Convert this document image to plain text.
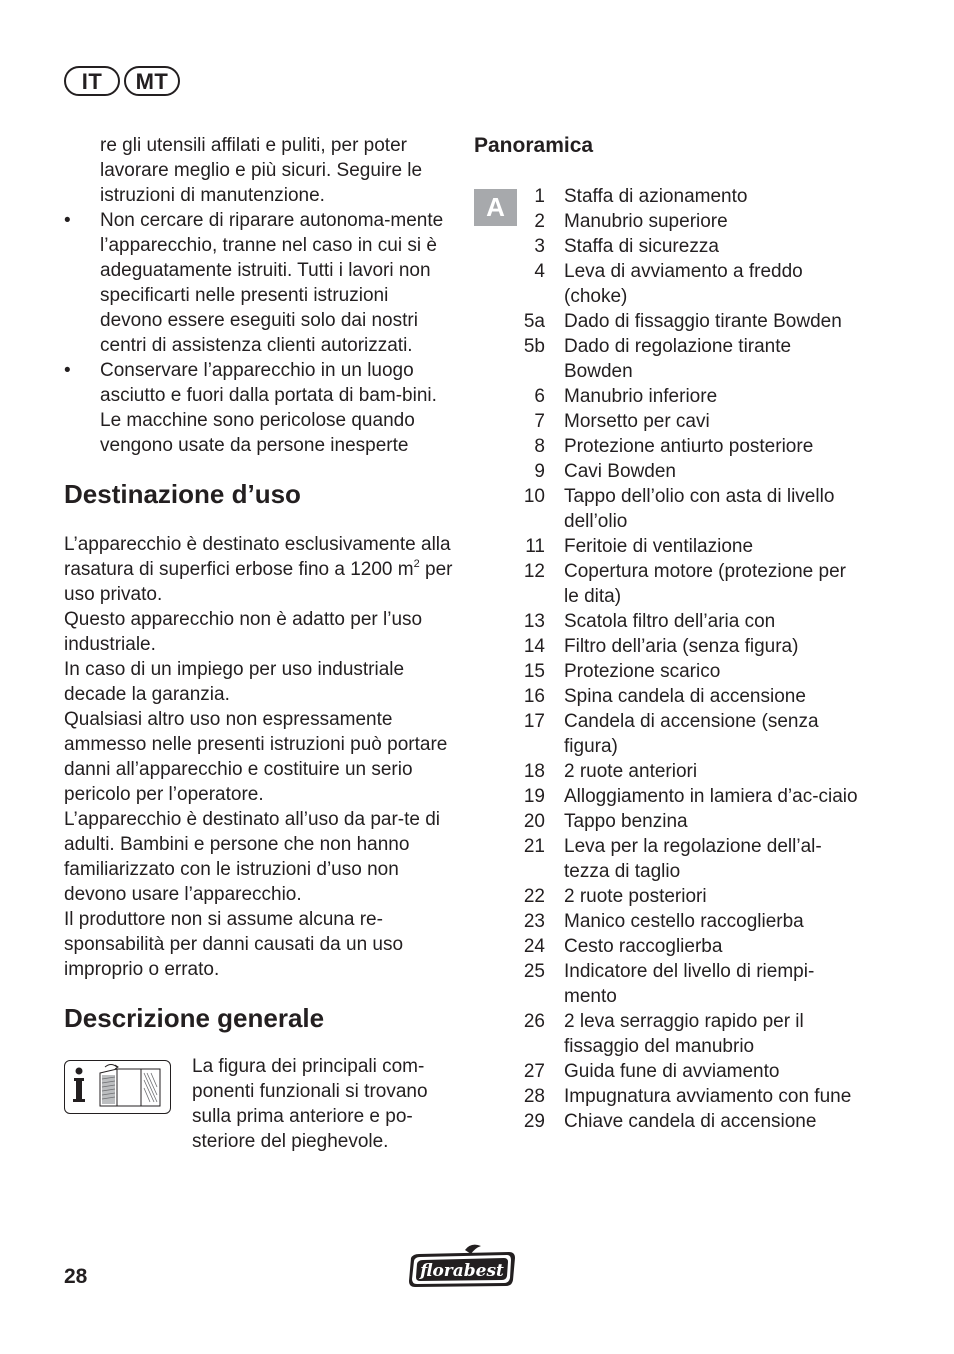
IT	MT

re gli utensili affilati e puliti, per poter lavorare meglio e più sicuri. Seguire le istruzioni di manutenzione.

• Non cercare di riparare autonoma-mente l’apparecchio, tranne nel caso in cui si è adeguatamente istruiti. Tutti i lavori non specificarti nelle presenti istruzioni devono essere eseguiti solo dai nostri centri di assistenza clienti autorizzati.
• Conservare l’apparecchio in un luogo asciutto e fuori dalla portata di bam-bini. Le macchine sono pericolose quando vengono usate da persone inesperte
Destinazione d’uso

L’apparecchio è destinato esclusivamente alla rasatura di superfici erbose fino a 1200 $m^2$ per uso privato.

Questo apparecchio non è adatto per l’uso industriale.

In caso di un impiego per uso industriale decade la garanzia.

Qualsiasi altro uso non espressamente ammesso nelle presenti istruzioni può portare danni all’apparecchio e costituire un serio pericolo per l’operatore.

L’apparecchio è destinato all’uso da par-te di adulti. Bambini e persone che non hanno familiarizzato con le istruzioni d’uso non devono usare l’apparecchio.

Il produttore non si assume alcuna re-sponsabilità per danni causati da un uso improprio o errato.

Descrizione generale

La figura dei principali com-ponenti funzionali si trovano sulla prima anteriore e po-steriore del pieghevole.

Panoramica
A	1 Staffa di azionamento
2 Manubrio superiore
3 Staffa di sicurezza
4 Leva di avviamento a freddo (choke)
5a Dado di fissaggio tirante Bowden
5b Dado di regolazione tirante Bowden
6 Manubrio inferiore
7 Morsetto per cavi
8 Protezione antiurto posteriore
9 Cavi Bowden
10 Tappo dell’olio con asta di livello dell’olio
11 Feritoie di ventilazione
12 Copertura motore (protezione per le dita)
13 Scatola filtro dell’aria con
14 Filtro dell’aria (senza figura)
15 Protezione scarico
16 Spina candela di accensione
17 Candela di accensione (senza figura)
18 2 ruote anteriori
19 Alloggiamento in lamiera d’ac-ciaio
20 Tappo benzina
21 Leva per la regolazione dell’al-tezza di taglio
22 2 ruote posteriori
23 Manico cestello raccoglierba
24 Cesto raccoglierba
25 Indicatore del livello di riempi-mento
26 2 leva serraggio rapido per il fissaggio del manubrio
27 Guida fune di avviamento
28 Impugnatura avviamento con fune
29 Chiave candela di accensione
28	florabest
